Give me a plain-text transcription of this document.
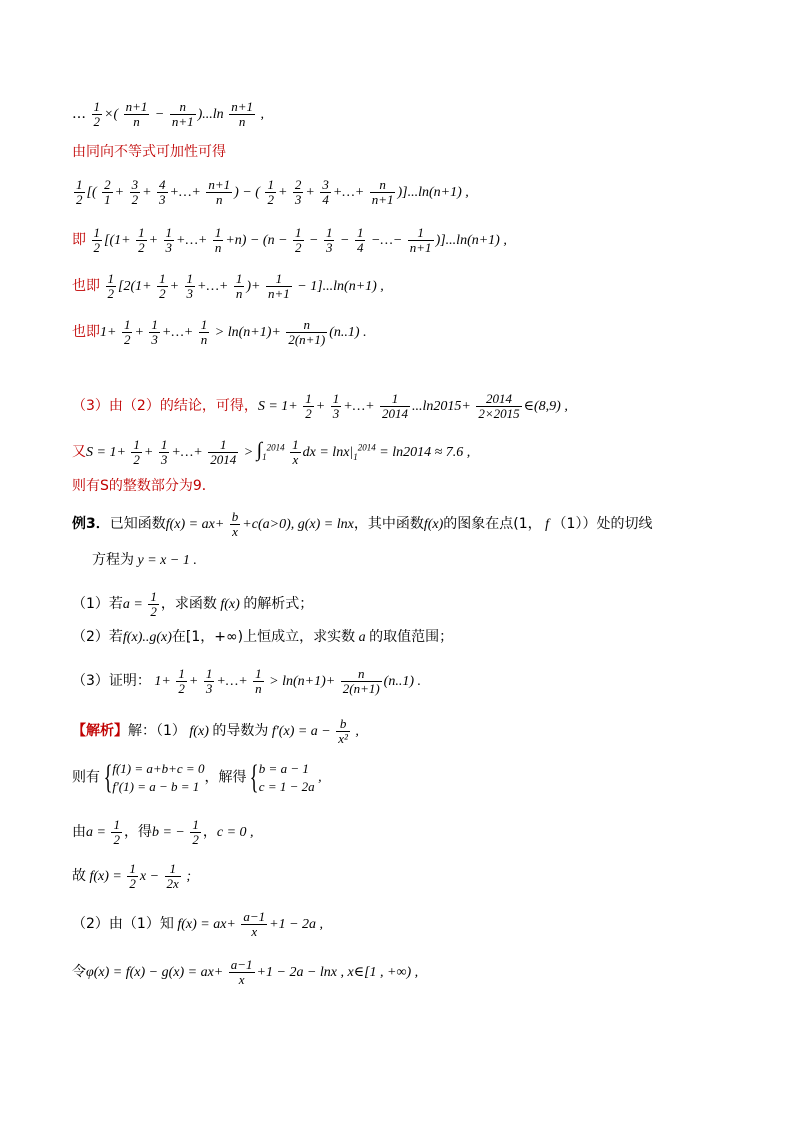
… $\frac{1}{2}$ ×( $\frac{n+1}{n} - \frac{n}{n+1} )...\ln \frac{n+1}{n}$ ,
由同向不等式可加性可得
$\frac{1}{2}$ [( $\frac{2}{1} + \frac{3}{2} + \frac{4}{3}$ +…+ $\frac{n+1}{n}$ ) − ( $\frac{1}{2} + \frac{2}{3} + \frac{3}{4}$ +…+ $\frac{n}{n+1} )]...\ln(n+1)$ ,
即 $\frac{1}{2} [(1+ \frac{1}{2} + \frac{1}{3}$ +…+ $\frac{1}{n} +n) - (n - \frac{1}{2} - \frac{1}{3} - \frac{1}{4}$ −…− $\frac{1}{n+1} )]...\ln(n+1)$ ,
也即 $\frac{1}{2} [2(1+ \frac{1}{2} + \frac{1}{3}$ +…+ $\frac{1}{n}$ )+ $\frac{1}{n+1} - 1]...\ln(n+1)$ ,
也即$1+ \frac{1}{2} + \frac{1}{3}$ +…+ $\frac{1}{n} > \ln(n+1)+ \frac{n}{2(n+1)} (n..1)$ .
（3）由（2）的结论，可得，$S = 1+ \frac{1}{2} + \frac{1}{3}$ +…+ $\frac{1}{2014} ...\ln 2015+ \frac{2014}{2\times 2015}$ ∈(8,9) ,
又$S = 1+ \frac{1}{2} + \frac{1}{3}$ +…+ $\frac{1}{2014} > \int_1^{2014} \frac{1}{x}$ dx = $\ln x|_1^{2014} = \ln 2014 \approx 7.6$ ,
则有S的整数部分为9．
例3．已知函数$f(x) = ax+ \frac{b}{x} +c(a>0)$, g(x) = lnx，其中函数f(x)的图象在点(1， f （1））处的切线
方程为 y = x − 1 .
（1）若$a = \frac{1}{2}$ ，求函数 f(x) 的解析式；
（2）若f(x)..g(x)在[1，+∞)上恒成立，求实数 a 的取值范围；
（3）证明： $1+ \frac{1}{2} + \frac{1}{3}$ +…+ $\frac{1}{n} > \ln(n+1)+ \frac{n}{2(n+1)} (n..1)$ .
【解析】解：（1） f(x) 的导数为 $f'(x) = a - \frac{b}{\text{x²}}$ ,
则有 {f(1) = a+b+c = 0
f′(1) = a − b = 1，解得 {b = a − 1
c = 1 − 2a ,
由$a = \frac{1}{2}$ ，得b = − $\frac{1}{2}$ ，c = 0 ,
故 $f(x) = \frac{1}{2}$ $x - \frac{1}{2x}$ ;
（2）由（1）知 $f(x) = ax+ \frac{a-1}{x} +1 - 2a$ ,
令$\varphi(x) = f(x) - g(x) = ax+ \frac{a-1}{x} +1 - 2a - \ln x$ , x∈[1 , +∞) ,
